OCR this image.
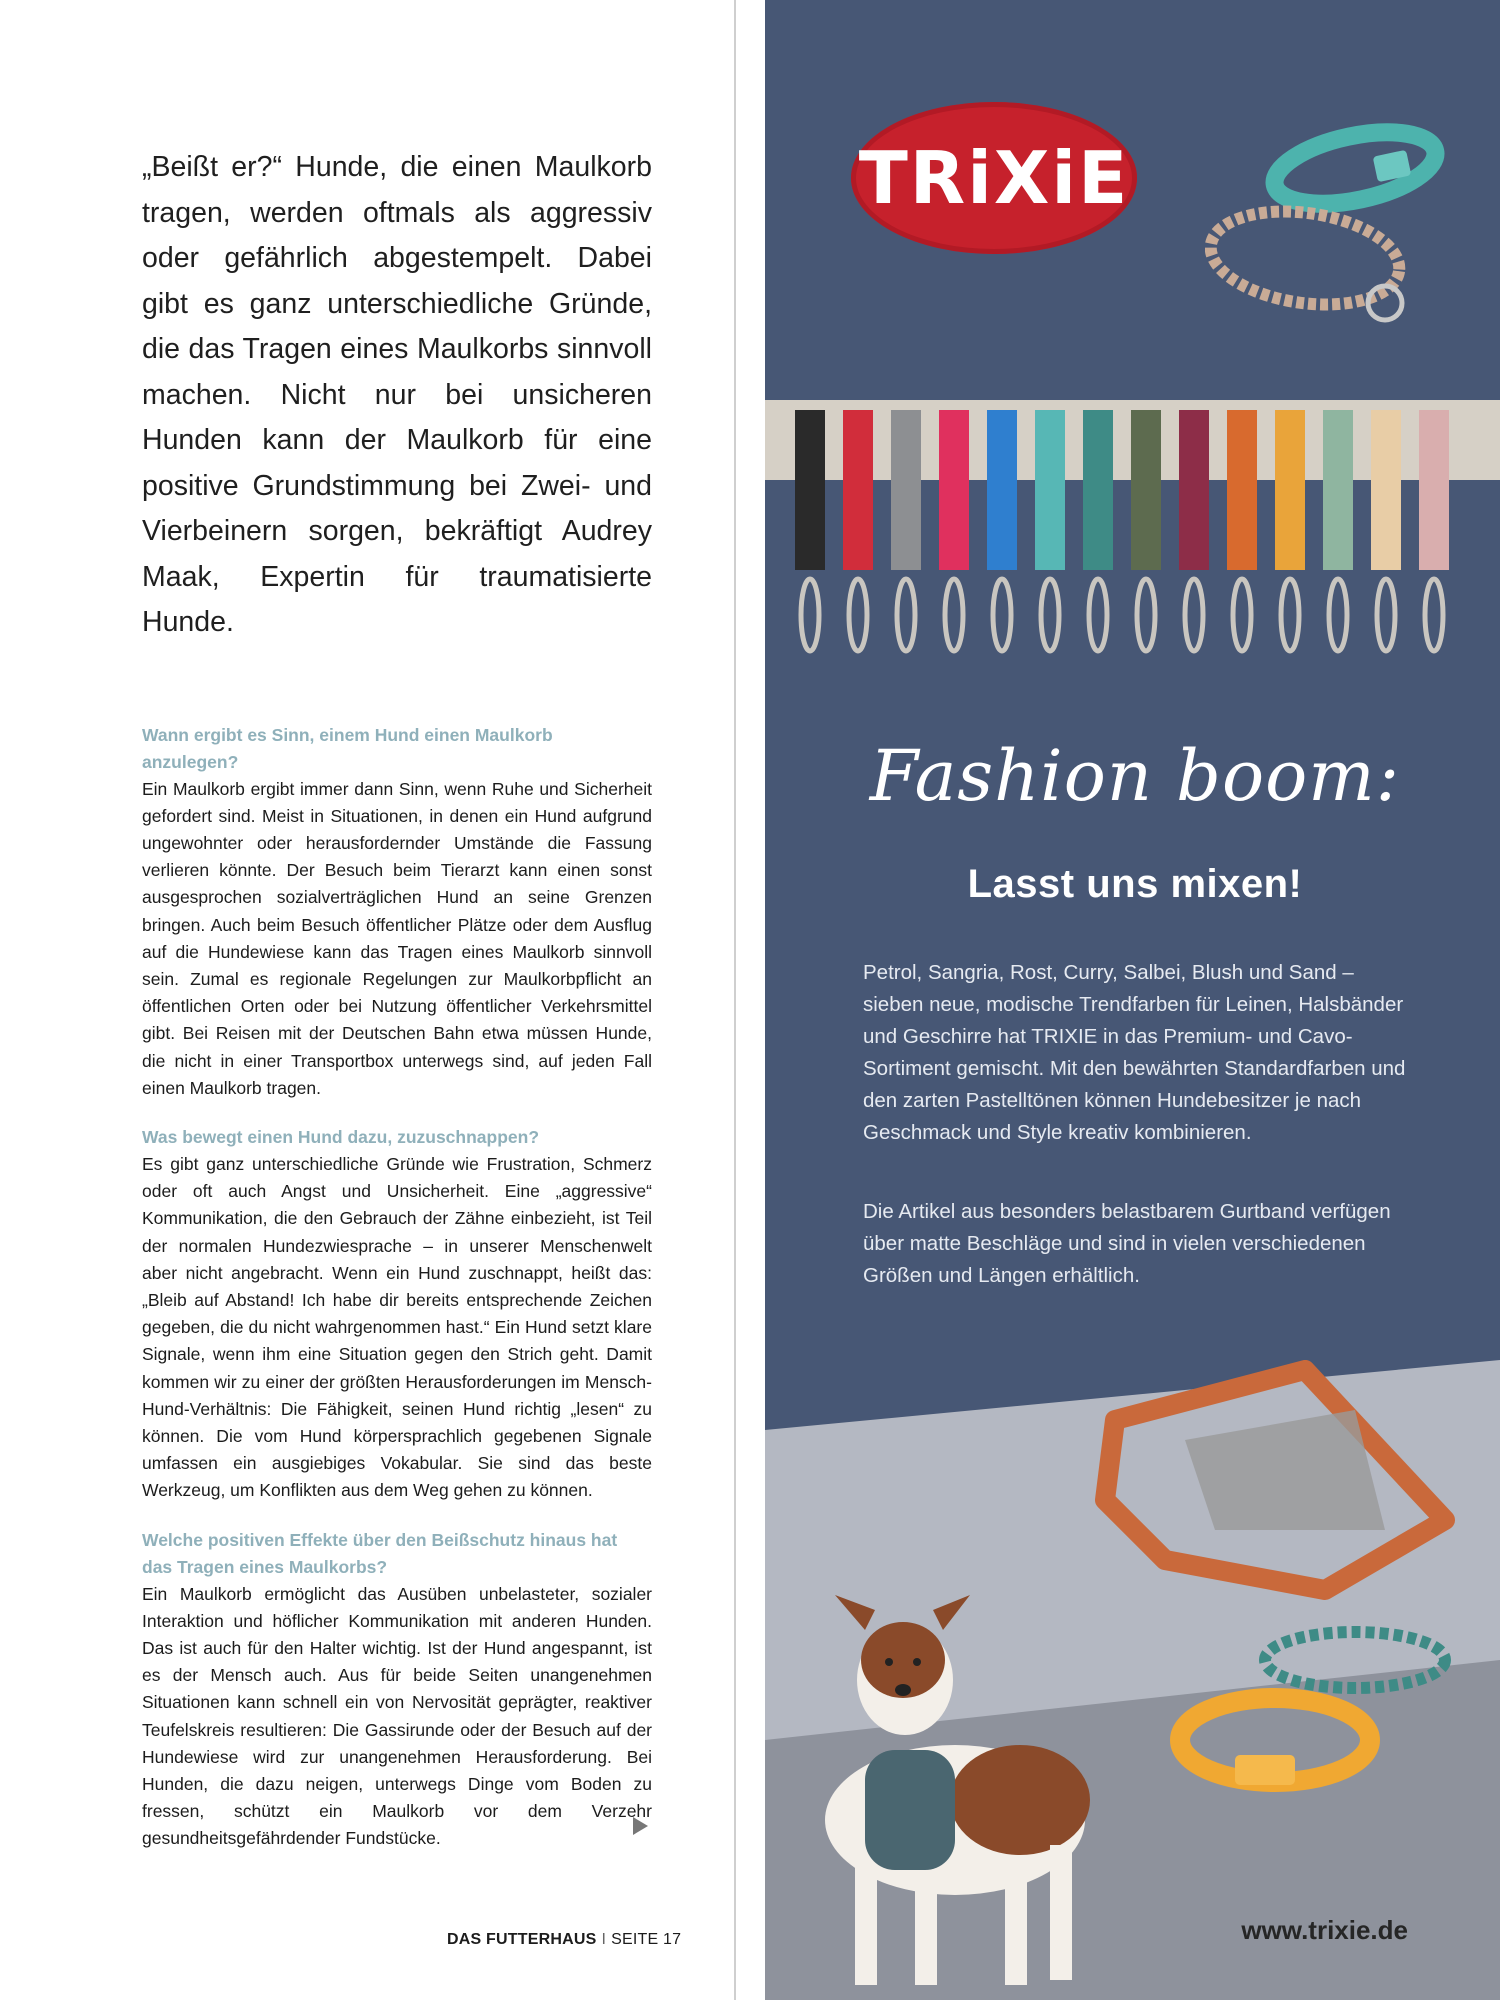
„Beißt er?“ Hunde, die einen Maulkorb tragen, werden oftmals als aggressiv oder gefährlich abgestempelt. Dabei gibt es ganz unterschiedliche Gründe, die das Tragen eines Maulkorbs sinnvoll machen. Nicht nur bei unsicheren Hunden kann der Maulkorb für eine positive Grundstimmung bei Zwei- und Vierbeinern sorgen, bekräftigt Audrey Maak, Expertin für traumatisierte Hunde.

Wann ergibt es Sinn, einem Hund einen Maulkorb anzulegen?

Ein Maulkorb ergibt immer dann Sinn, wenn Ruhe und Sicherheit gefordert sind. Meist in Situationen, in denen ein Hund aufgrund ungewohnter oder herausfordernder Umstände die Fassung verlieren könnte. Der Besuch beim Tierarzt kann einen sonst ausgesprochen sozialverträglichen Hund an seine Grenzen bringen. Auch beim Besuch öffentlicher Plätze oder dem Ausflug auf die Hundewiese kann das Tragen eines Maulkorb sinnvoll sein. Zumal es regionale Regelungen zur Maulkorbpflicht an öffentlichen Orten oder bei Nutzung öffentlicher Verkehrsmittel gibt. Bei Reisen mit der Deutschen Bahn etwa müssen Hunde, die nicht in einer Transportbox unterwegs sind, auf jeden Fall einen Maulkorb tragen.

Was bewegt einen Hund dazu, zuzuschnappen?

Es gibt ganz unterschiedliche Gründe wie Frustration, Schmerz oder oft auch Angst und Unsicherheit. Eine „aggressive“ Kommunikation, die den Gebrauch der Zähne einbezieht, ist Teil der normalen Hundezwiesprache – in unserer Menschenwelt aber nicht angebracht. Wenn ein Hund zuschnappt, heißt das: „Bleib auf Abstand! Ich habe dir bereits entsprechende Zeichen gegeben, die du nicht wahrgenommen hast.“ Ein Hund setzt klare Signale, wenn ihm eine Situation gegen den Strich geht. Damit kommen wir zu einer der größten Herausforderungen im Mensch-Hund-Verhältnis: Die Fähigkeit, seinen Hund richtig „lesen“ zu können. Die vom Hund körpersprachlich gegebenen Signale umfassen ein ausgiebiges Vokabular. Sie sind das beste Werkzeug, um Konflikten aus dem Weg gehen zu können.

Welche positiven Effekte über den Beißschutz hinaus hat das Tragen eines Maulkorbs?

Ein Maulkorb ermöglicht das Ausüben unbelasteter, sozialer Interaktion und höflicher Kommunikation mit anderen Hunden. Das ist auch für den Halter wichtig. Ist der Hund angespannt, ist es der Mensch auch. Aus für beide Seiten unangenehmen Situationen kann schnell ein von Nervosität geprägter, reaktiver Teufelskreis resultieren: Die Gassirunde oder der Besuch auf der Hundewiese wird zur unangenehmen Herausforderung. Bei Hunden, die dazu neigen, unterwegs Dinge vom Boden zu fressen, schützt ein Maulkorb vor dem Verzehr gesundheitsgefährdender Fundstücke.

DAS FUTTERHAUS I SEITE 17
TRiXiE
Fashion boom:
Lasst uns mixen!

Petrol, Sangria, Rost, Curry, Salbei, Blush und Sand – sieben neue, modische Trendfarben für Leinen, Halsbänder und Geschirre hat TRIXIE in das Premium- und Cavo-Sortiment gemischt. Mit den bewährten Standardfarben und den zarten Pastelltönen können Hundebesitzer je nach Geschmack und Style kreativ kombinieren.

Die Artikel aus besonders belastbarem Gurtband verfügen über matte Beschläge und sind in vielen verschiedenen Größen und Längen erhältlich.

www.trixie.de
